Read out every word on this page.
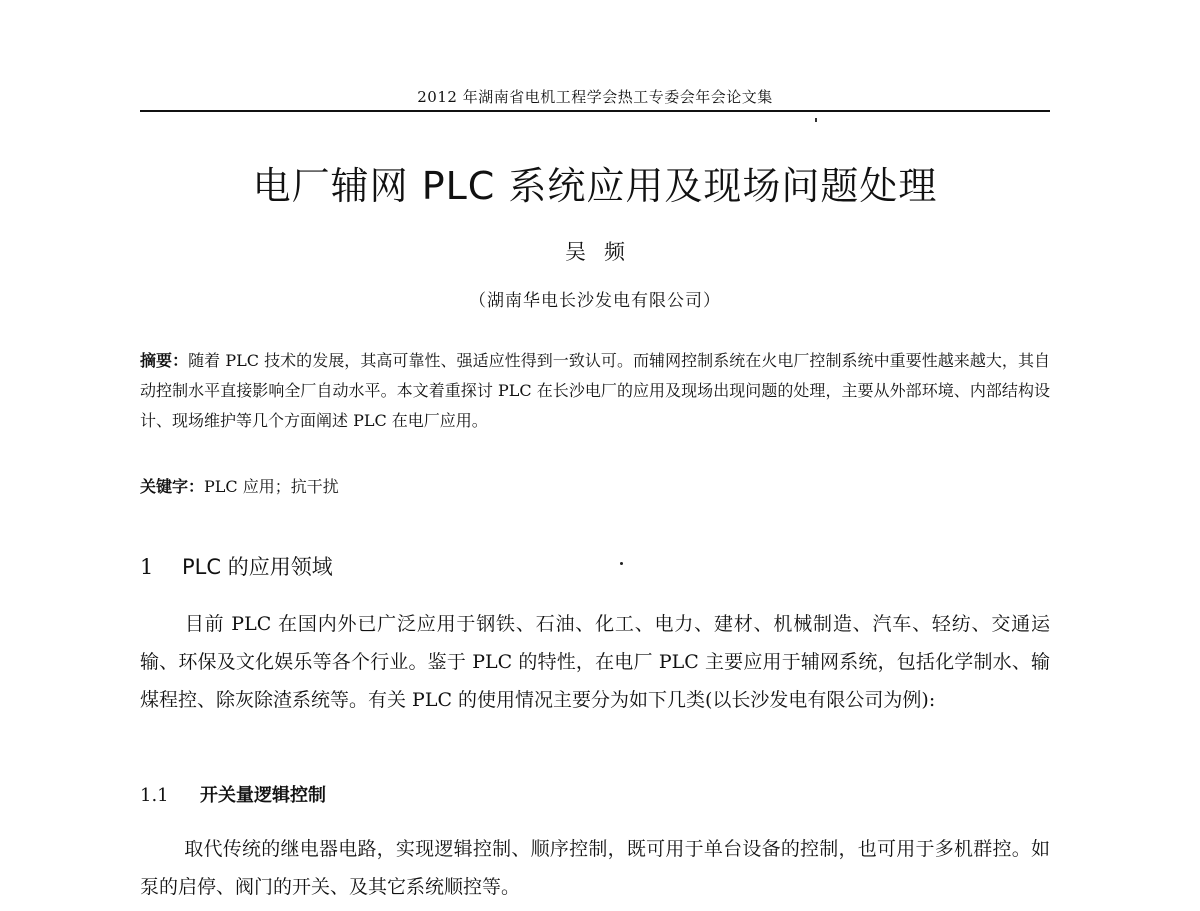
2012 年湖南省电机工程学会热工专委会年会论文集
电厂辅网 PLC 系统应用及现场问题处理
吴频
（湖南华电长沙发电有限公司）
摘要：随着 PLC 技术的发展，其高可靠性、强适应性得到一致认可。而辅网控制系统在火电厂控制系统中重要性越来越大，其自动控制水平直接影响全厂自动水平。本文着重探讨 PLC 在长沙电厂的应用及现场出现问题的处理，主要从外部环境、内部结构设计、现场维护等几个方面阐述 PLC 在电厂应用。
关键字：PLC 应用；抗干扰
1 PLC 的应用领域
目前 PLC 在国内外已广泛应用于钢铁、石油、化工、电力、建材、机械制造、汽车、轻纺、交通运输、环保及文化娱乐等各个行业。鉴于 PLC 的特性，在电厂 PLC 主要应用于辅网系统，包括化学制水、输煤程控、除灰除渣系统等。有关 PLC 的使用情况主要分为如下几类(以长沙发电有限公司为例):
1.1 开关量逻辑控制
取代传统的继电器电路，实现逻辑控制、顺序控制，既可用于单台设备的控制，也可用于多机群控。如泵的启停、阀门的开关、及其它系统顺控等。
